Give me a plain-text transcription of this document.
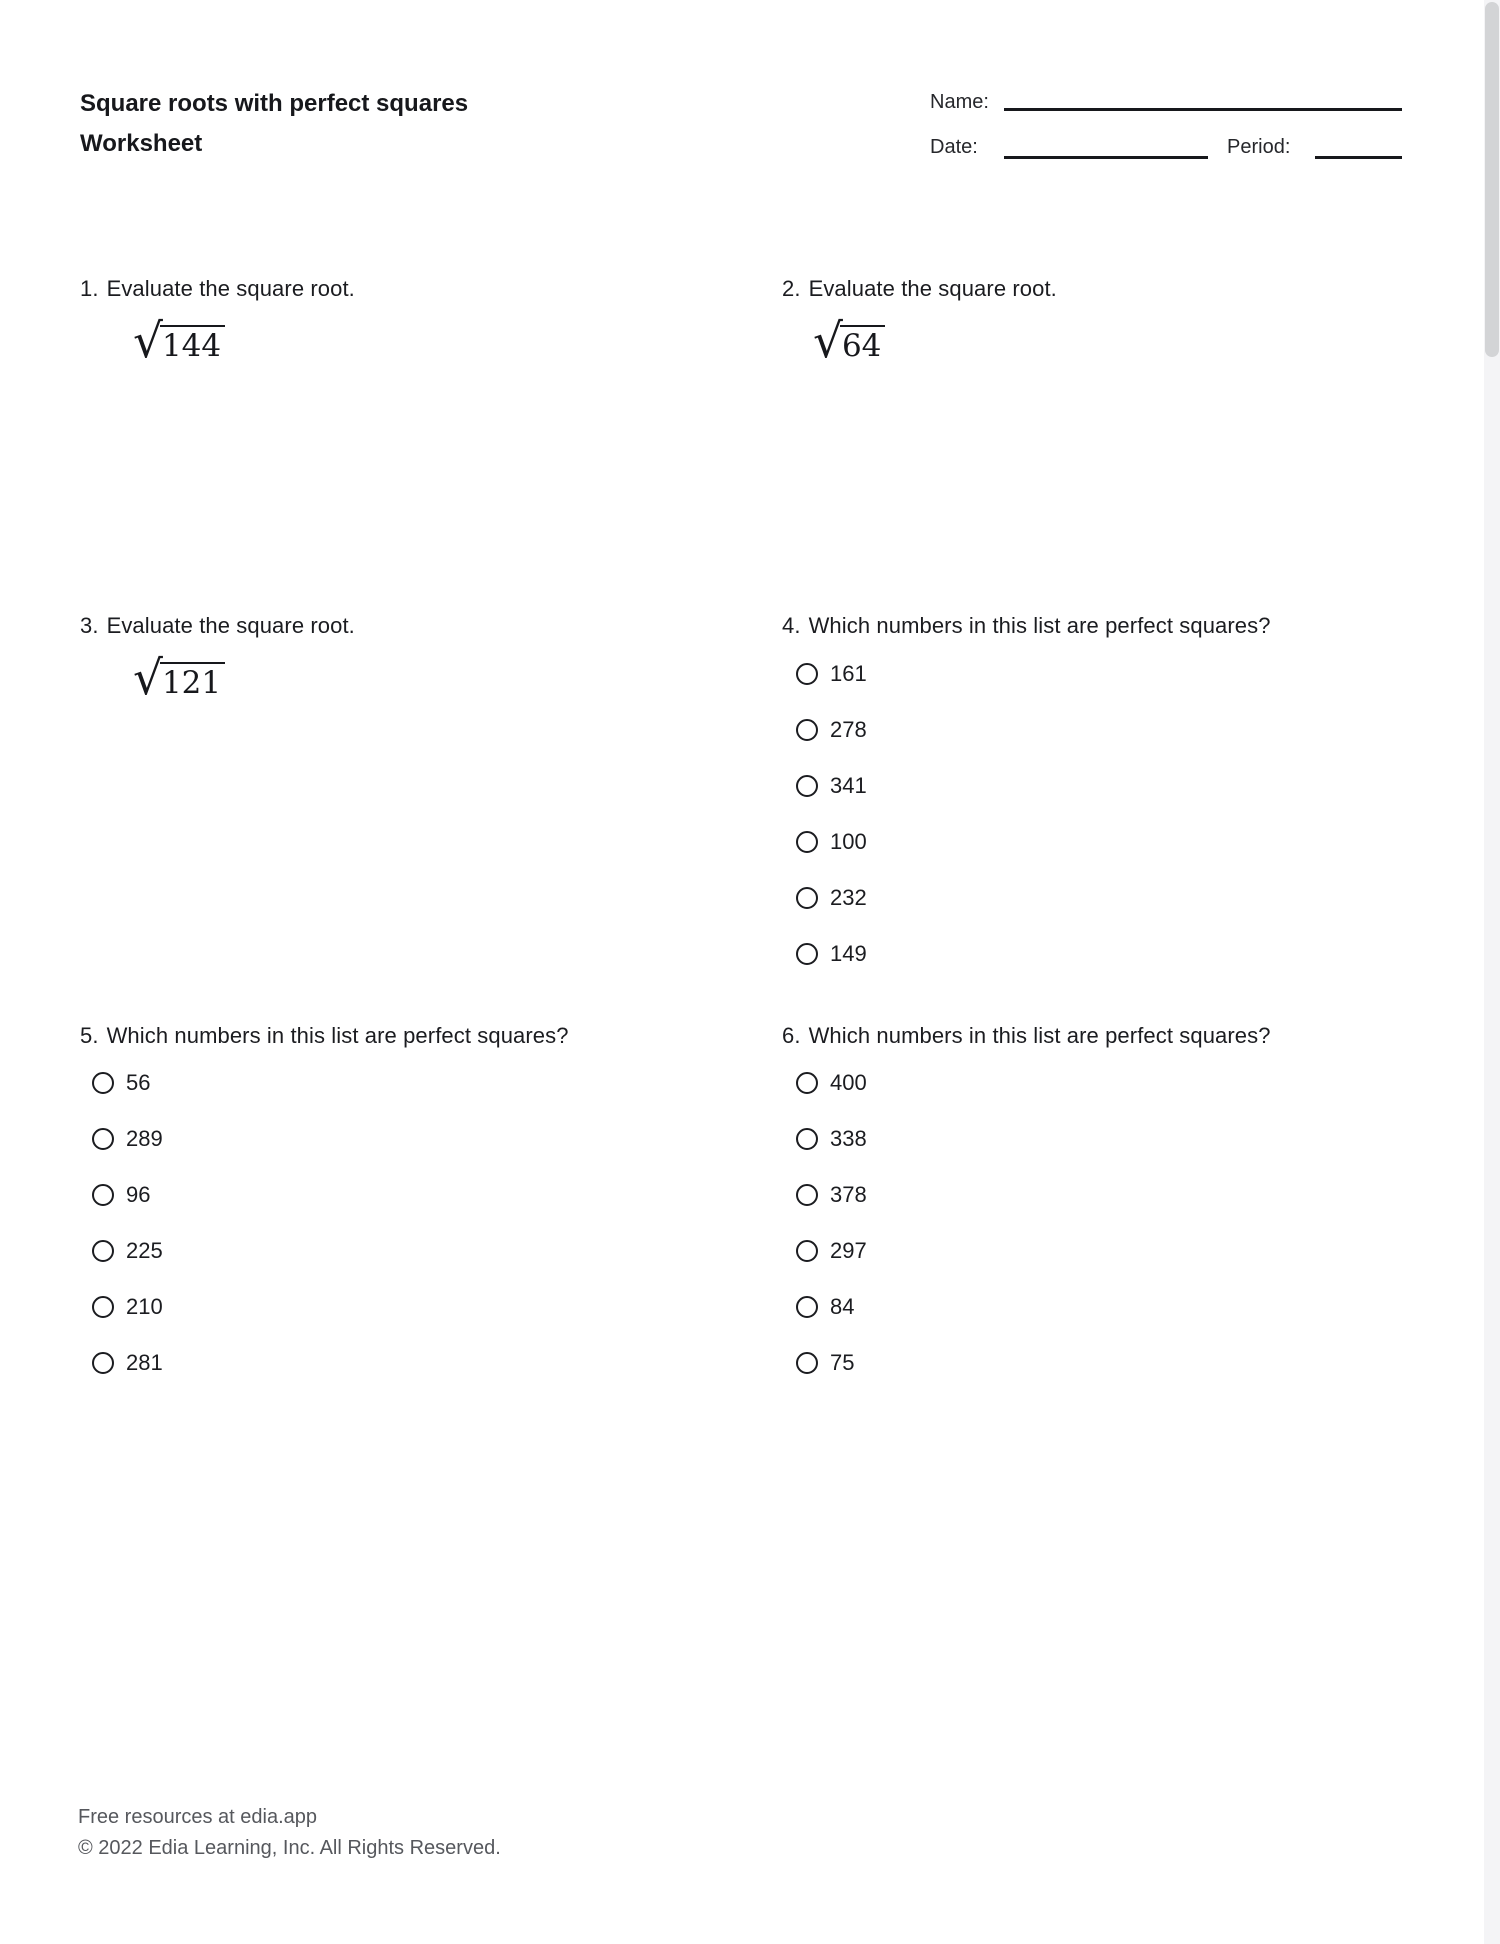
Square roots with perfect squares
Worksheet
Name:
Date:	Period:
1. Evaluate the square root.
√ 144
2. Evaluate the square root.
√ 64
3. Evaluate the square root.
√ 121
4. Which numbers in this list are perfect squares?
161
278
341
100
232
149
5. Which numbers in this list are perfect squares?
56
289
96
225
210
281
6. Which numbers in this list are perfect squares?
400
338
378
297
84
75
Free resources at edia.app
© 2022 Edia Learning, Inc. All Rights Reserved.
